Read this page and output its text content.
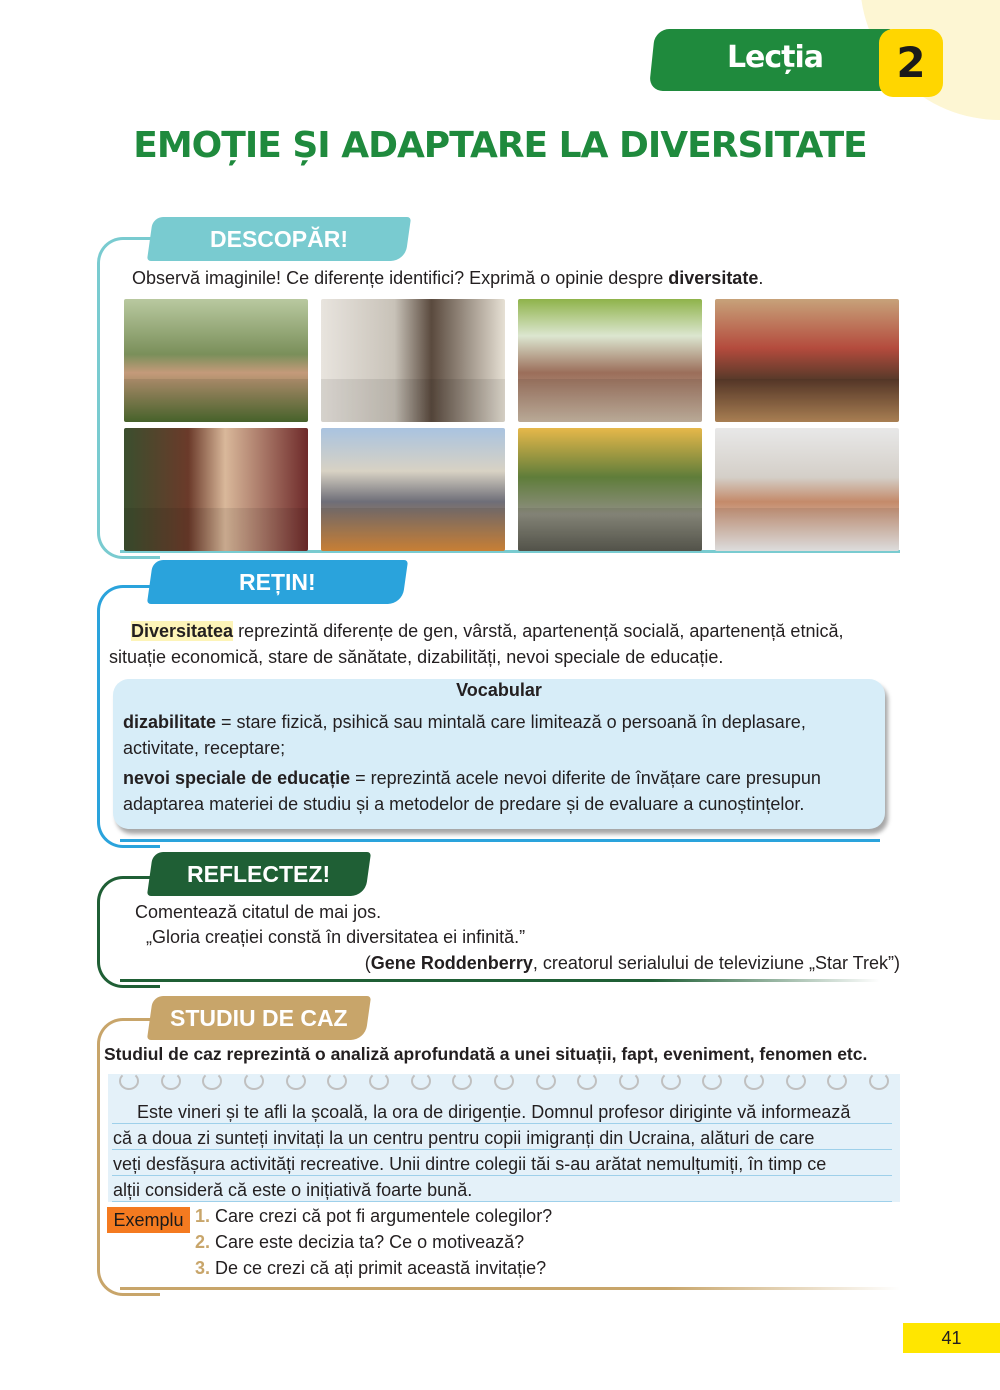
Lecția	2
EMOȚIE ȘI ADAPTARE LA DIVERSITATE
DESCOPĂR!
Observă imaginile! Ce diferențe identifici? Exprimă o opinie despre diversitate.
REȚIN!
Diversitatea reprezintă diferențe de gen, vârstă, apartenență socială, apartenență etnică,
situație economică, stare de sănătate, dizabilități, nevoi speciale de educație.
Vocabular
dizabilitate = stare fizică, psihică sau mintală care limitează o persoană în deplasare,
activitate, receptare;
nevoi speciale de educație = reprezintă acele nevoi diferite de învățare care presupun
adaptarea materiei de studiu și a metodelor de predare și de evaluare a cunoștințelor.
REFLECTEZ!
Comentează citatul de mai jos.
„Gloria creației constă în diversitatea ei infinită.”
(Gene Roddenberry, creatorul serialului de televiziune „Star Trek”)
STUDIU DE CAZ
Studiul de caz reprezintă o analiză aprofundată a unei situații, fapt, eveniment, fenomen etc.
Este vineri și te afli la școală, la ora de dirigenție. Domnul profesor diriginte vă informează
că a doua zi sunteți invitați la un centru pentru copii imigranți din Ucraina, alături de care
veți desfășura activități recreative. Unii dintre colegii tăi s-au arătat nemulțumiți, în timp ce
alții consideră că este o inițiativă foarte bună.
Exemplu 1. Care crezi că pot fi argumentele colegilor?
2. Care este decizia ta? Ce o motivează?
3. De ce crezi că ați primit această invitație?
41
